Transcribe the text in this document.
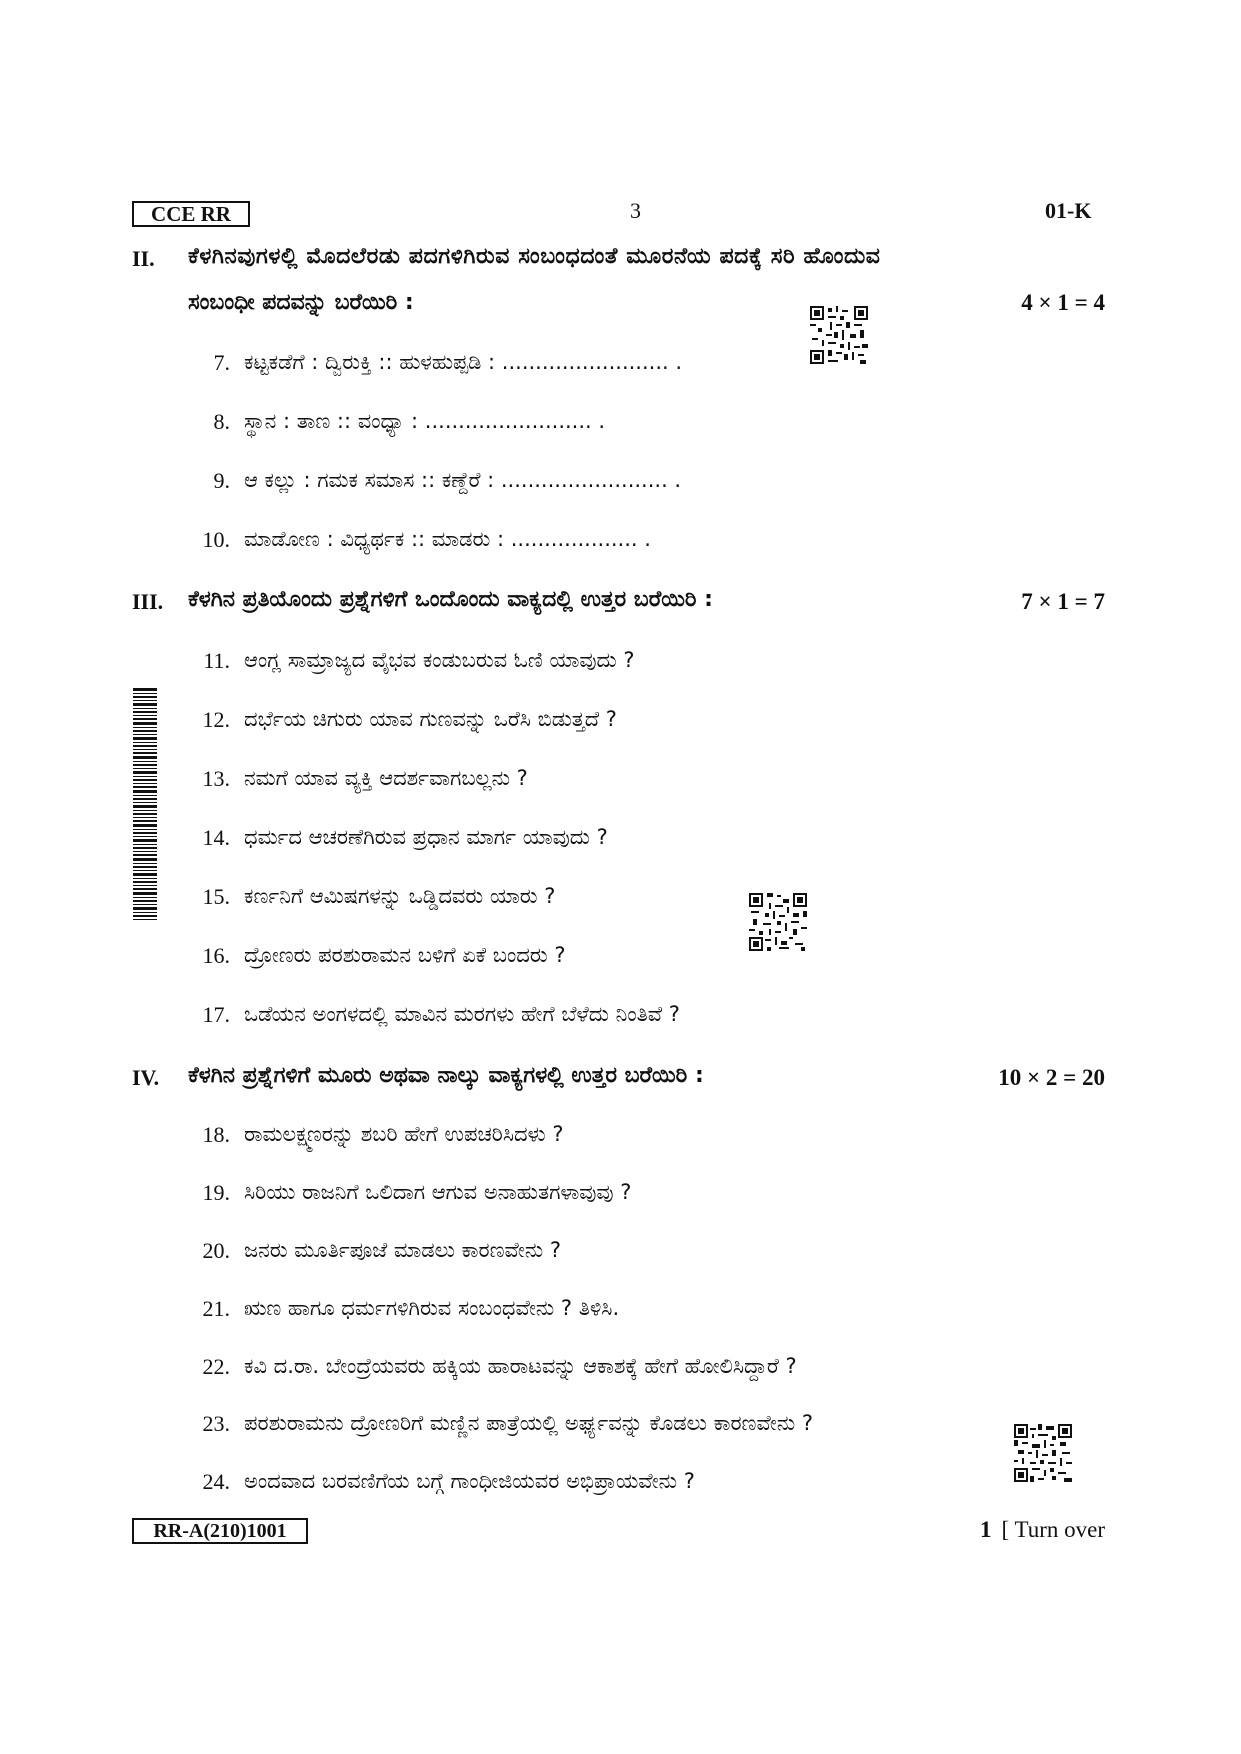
CCE RR	3	01-K
II. ಕೆಳಗಿನವುಗಳಲ್ಲಿ ಮೊದಲೆರಡು ಪದಗಳಿಗಿರುವ ಸಂಬಂಧದಂತೆ ಮೂರನೆಯ ಪದಕ್ಕೆ ಸರಿ ಹೊಂದುವ
ಸಂಬಂಧೀ ಪದವನ್ನು ಬರೆಯಿರಿ :	4 × 1 = 4
7. ಕಟ್ಟಕಡೆಗೆ : ದ್ವಿರುಕ್ತಿ :: ಹುಳಹುಪ್ಪಡಿ : ......................... .
8. ಸ್ಥಾನ : ತಾಣ :: ವಂಧ್ಯಾ : ......................... .
9. ಆ ಕಲ್ಲು : ಗಮಕ ಸಮಾಸ :: ಕಣ್ದೆರೆ : ......................... .
10. ಮಾಡೋಣ : ವಿಧ್ಯರ್ಥಕ :: ಮಾಡರು : ................... .
III. ಕೆಳಗಿನ ಪ್ರತಿಯೊಂದು ಪ್ರಶ್ನೆಗಳಿಗೆ ಒಂದೊಂದು ವಾಕ್ಯದಲ್ಲಿ ಉತ್ತರ ಬರೆಯಿರಿ :	7 × 1 = 7
11. ಆಂಗ್ಲ ಸಾಮ್ರಾಜ್ಯದ ವೈಭವ ಕಂಡುಬರುವ ಓಣಿ ಯಾವುದು ?
12. ದರ್ಭೆಯ ಚಿಗುರು ಯಾವ ಗುಣವನ್ನು ಒರೆಸಿ ಬಿಡುತ್ತದೆ ?
13. ನಮಗೆ ಯಾವ ವ್ಯಕ್ತಿ ಆದರ್ಶವಾಗಬಲ್ಲನು ?
14. ಧರ್ಮದ ಆಚರಣೆಗಿರುವ ಪ್ರಧಾನ ಮಾರ್ಗ ಯಾವುದು ?
15. ಕರ್ಣನಿಗೆ ಆಮಿಷಗಳನ್ನು ಒಡ್ಡಿದವರು ಯಾರು ?
16. ದ್ರೋಣರು ಪರಶುರಾಮನ ಬಳಿಗೆ ಏಕೆ ಬಂದರು ?
17. ಒಡೆಯನ ಅಂಗಳದಲ್ಲಿ ಮಾವಿನ ಮರಗಳು ಹೇಗೆ ಬೆಳೆದು ನಿಂತಿವೆ ?
IV. ಕೆಳಗಿನ ಪ್ರಶ್ನೆಗಳಿಗೆ ಮೂರು ಅಥವಾ ನಾಲ್ಕು ವಾಕ್ಯಗಳಲ್ಲಿ ಉತ್ತರ ಬರೆಯಿರಿ :	10 × 2 = 20
18. ರಾಮಲಕ್ಷ್ಮಣರನ್ನು ಶಬರಿ ಹೇಗೆ ಉಪಚರಿಸಿದಳು ?
19. ಸಿರಿಯು ರಾಜನಿಗೆ ಒಲಿದಾಗ ಆಗುವ ಅನಾಹುತಗಳಾವುವು ?
20. ಜನರು ಮೂರ್ತಿಪೂಜೆ ಮಾಡಲು ಕಾರಣವೇನು ?
21. ಋಣ ಹಾಗೂ ಧರ್ಮಗಳಿಗಿರುವ ಸಂಬಂಧವೇನು ? ತಿಳಿಸಿ.
22. ಕವಿ ದ.ರಾ. ಬೇಂದ್ರೆಯವರು ಹಕ್ಕಿಯ ಹಾರಾಟವನ್ನು ಆಕಾಶಕ್ಕೆ ಹೇಗೆ ಹೋಲಿಸಿದ್ದಾರೆ ?
23. ಪರಶುರಾಮನು ದ್ರೋಣರಿಗೆ ಮಣ್ಣಿನ ಪಾತ್ರೆಯಲ್ಲಿ ಅರ್ಘ್ಯವನ್ನು ಕೊಡಲು ಕಾರಣವೇನು ?
24. ಅಂದವಾದ ಬರವಣಿಗೆಯ ಬಗ್ಗೆ ಗಾಂಧೀಜಿಯವರ ಅಭಿಪ್ರಾಯವೇನು ?
RR-A(210)1001	1 [ Turn over
